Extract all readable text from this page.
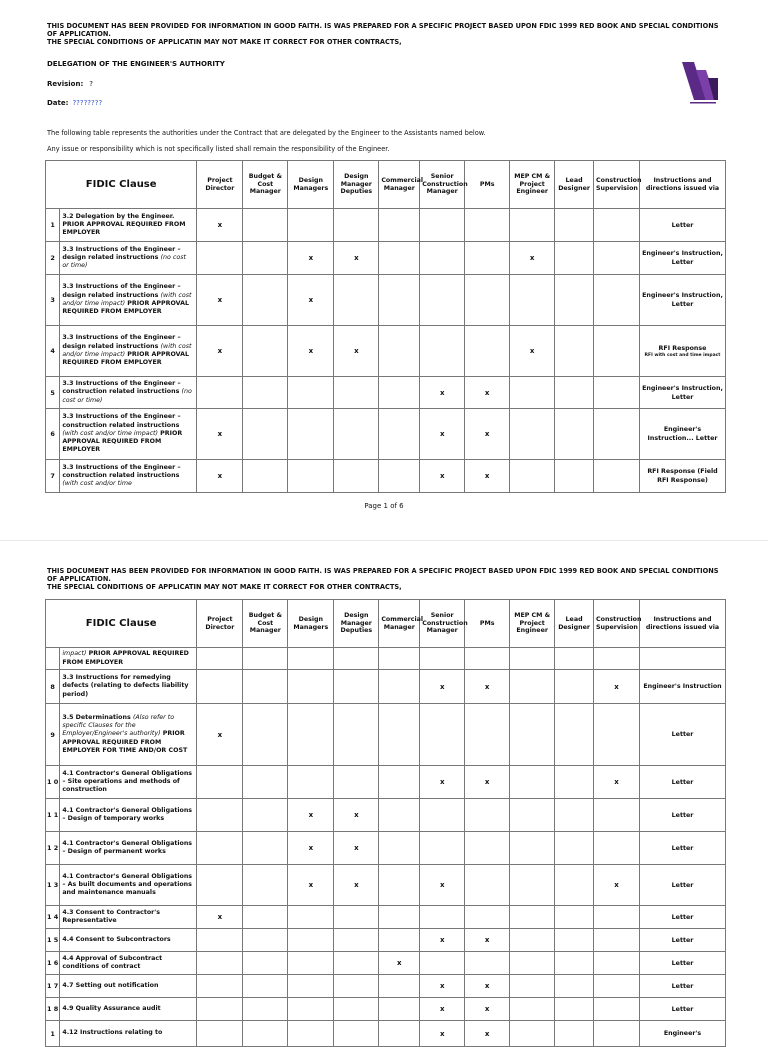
THIS DOCUMENT HAS BEEN PROVIDED FOR INFORMATION IN GOOD FAITH. IS WAS PREPARED FOR A SPECIFIC PROJECT BASED UPON FDIC 1999 RED BOOK AND SPECIAL CONDITIONS OF APPLICATION.
THE SPECIAL CONDITIONS OF APPLICATIN MAY NOT MAKE IT CORRECT FOR OTHER CONTRACTS,
DELEGATION OF THE ENGINEER'S AUTHORITY
Revision: ?
Date: ????????
The following table represents the authorities under the Contract that are delegated by the Engineer to the Assistants named below.
Any issue or responsibility which is not specifically listed shall remain the responsibility of the Engineer.
FIDIC Clause		Project Director	Budget & Cost Manager	Design Managers	Design Manager Deputies	Commercial Manager	Senior Construction Manager	PMs	MEP CM & Project Engineer	Lead Designer	Construction Supervision	Instructions and directions issued via
1	3.2 Delegation by the Engineer. PRIOR APPROVAL REQUIRED FROM EMPLOYER	x										Letter
2	3.3 Instructions of the Engineer – design related instructions (no cost or time)			x	x				x			Engineer's Instruction, Letter
3	3.3 Instructions of the Engineer – design related instructions (with cost and/or time impact) PRIOR APPROVAL REQUIRED FROM EMPLOYER	x		x								Engineer's Instruction, Letter
4	3.3 Instructions of the Engineer – design related instructions (with cost and/or time impact) PRIOR APPROVAL REQUIRED FROM EMPLOYER	x		x	x				x			RFI Response
RFI with cost and time impact

5	3.3 Instructions of the Engineer – construction related instructions (no cost or time)						x	x				Engineer's Instruction, Letter
6	3.3 Instructions of the Engineer – construction related instructions (with cost and/or time impact) PRIOR APPROVAL REQUIRED FROM EMPLOYER	x					x	x				Engineer's Instruction... Letter
7	3.3 Instructions of the Engineer – construction related instructions (with cost and/or time	x					x	x				RFI Response (Field RFI Response)
Page 1 of 6
THIS DOCUMENT HAS BEEN PROVIDED FOR INFORMATION IN GOOD FAITH. IS WAS PREPARED FOR A SPECIFIC PROJECT BASED UPON FDIC 1999 RED BOOK AND SPECIAL CONDITIONS OF APPLICATION.
THE SPECIAL CONDITIONS OF APPLICATIN MAY NOT MAKE IT CORRECT FOR OTHER CONTRACTS,
FIDIC Clause		Project Director	Budget & Cost Manager	Design Managers	Design Manager Deputies	Commercial Manager	Senior Construction Manager	PMs	MEP CM & Project Engineer	Lead Designer	Construction Supervision	Instructions and directions issued via
	impact) PRIOR APPROVAL REQUIRED FROM EMPLOYER											
8	3.3 Instructions for remedying defects (relating to defects liability period)						x	x			x	Engineer's Instruction
9	3.5 Determinations (Also refer to specific Clauses for the Employer/Engineer's authority) PRIOR APPROVAL REQUIRED FROM EMPLOYER FOR TIME AND/OR COST	x										Letter
1 0	4.1 Contractor's General Obligations – Site operations and methods of construction						x	x			x	Letter
1 1	4.1 Contractor's General Obligations – Design of temporary works			x	x							Letter
1 2	4.1 Contractor's General Obligations – Design of permanent works			x	x							Letter
1 3	4.1 Contractor's General Obligations – As built documents and operations and maintenance manuals			x	x		x				x	Letter
1 4	4.3 Consent to Contractor's Representative	x										Letter
1 5	4.4 Consent to Subcontractors						x	x				Letter
1 6	4.4 Approval of Subcontract conditions of contract					x						Letter
1 7	4.7 Setting out notification						x	x				Letter
1 8	4.9 Quality Assurance audit						x	x				Letter
1	4.12 Instructions relating to						x	x				Engineer's
